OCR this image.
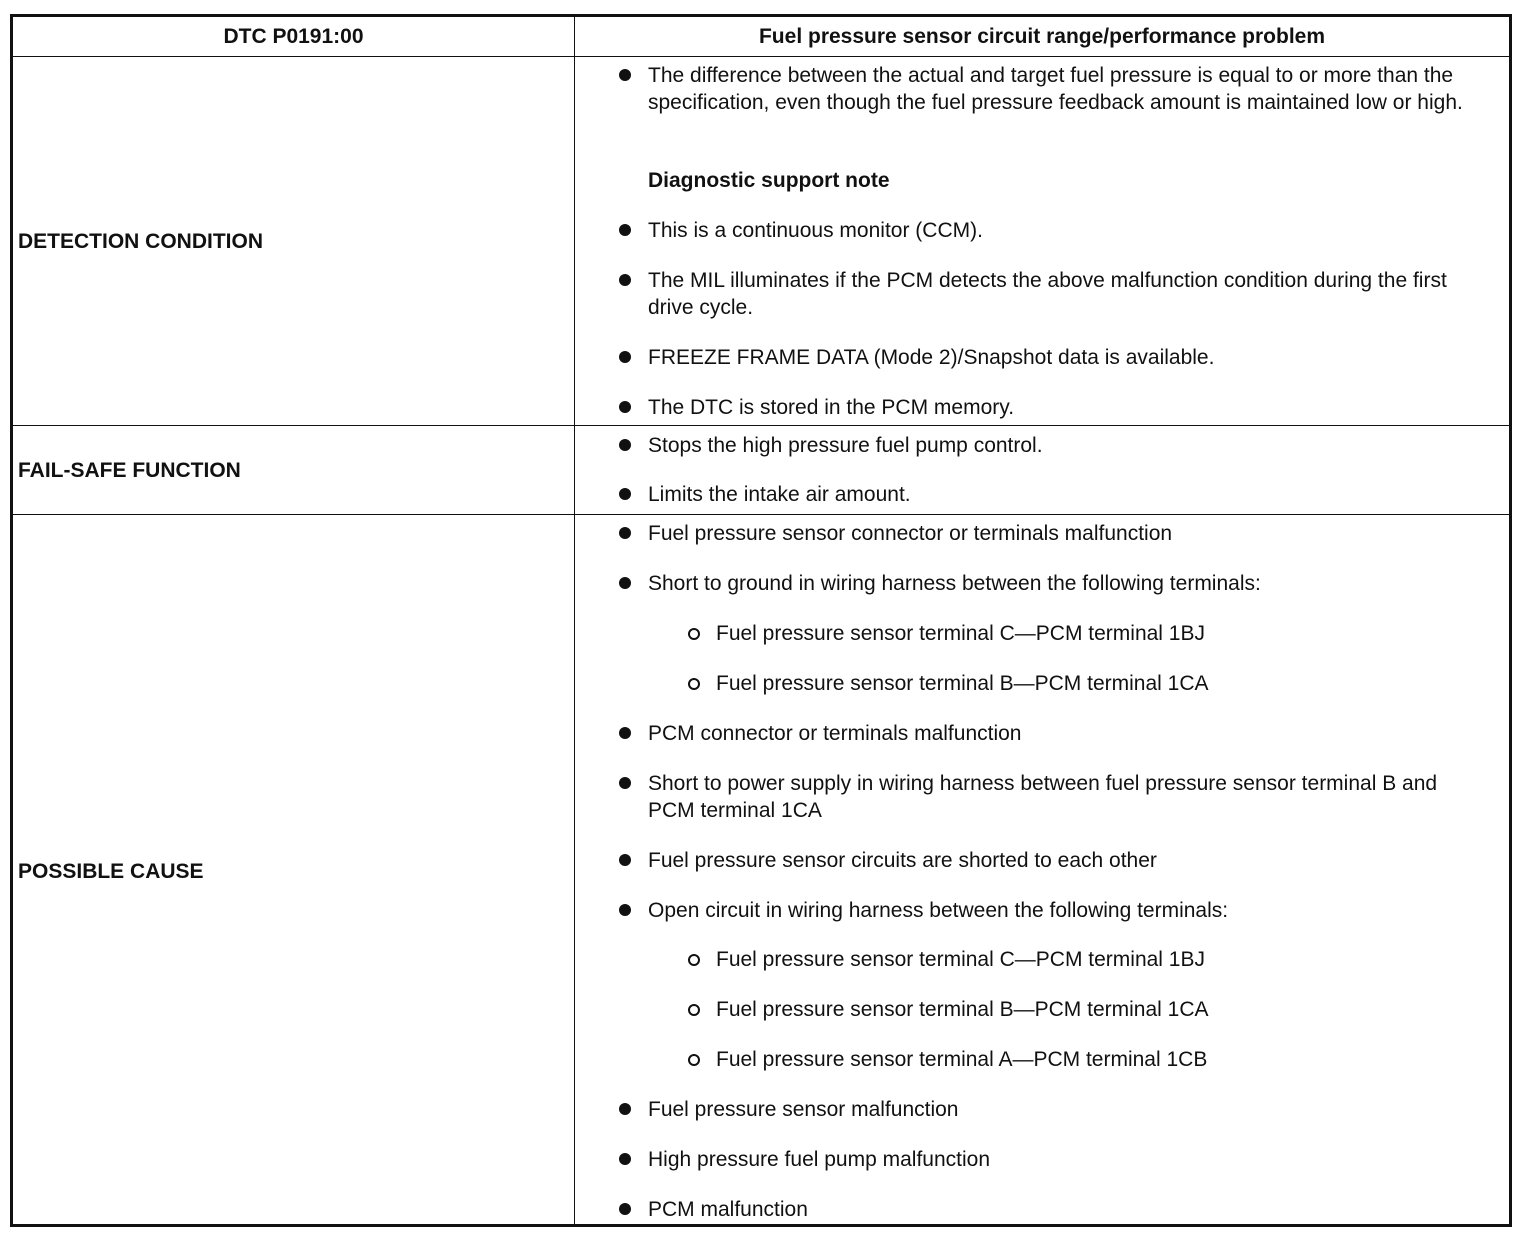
DTC P0191:00	Fuel pressure sensor circuit range/performance problem
DETECTION CONDITION
The difference between the actual and target fuel pressure is equal to or more than the specification, even though the fuel pressure feedback amount is maintained low or high.
Diagnostic support note
This is a continuous monitor (CCM).
The MIL illuminates if the PCM detects the above malfunction condition during the first drive cycle.
FREEZE FRAME DATA (Mode 2)/Snapshot data is available.
The DTC is stored in the PCM memory.
FAIL-SAFE FUNCTION
Stops the high pressure fuel pump control.
Limits the intake air amount.
POSSIBLE CAUSE
Fuel pressure sensor connector or terminals malfunction
Short to ground in wiring harness between the following terminals:
Fuel pressure sensor terminal C—PCM terminal 1BJ
Fuel pressure sensor terminal B—PCM terminal 1CA
PCM connector or terminals malfunction
Short to power supply in wiring harness between fuel pressure sensor terminal B and PCM terminal 1CA
Fuel pressure sensor circuits are shorted to each other
Open circuit in wiring harness between the following terminals:
Fuel pressure sensor terminal C—PCM terminal 1BJ
Fuel pressure sensor terminal B—PCM terminal 1CA
Fuel pressure sensor terminal A—PCM terminal 1CB
Fuel pressure sensor malfunction
High pressure fuel pump malfunction
PCM malfunction
